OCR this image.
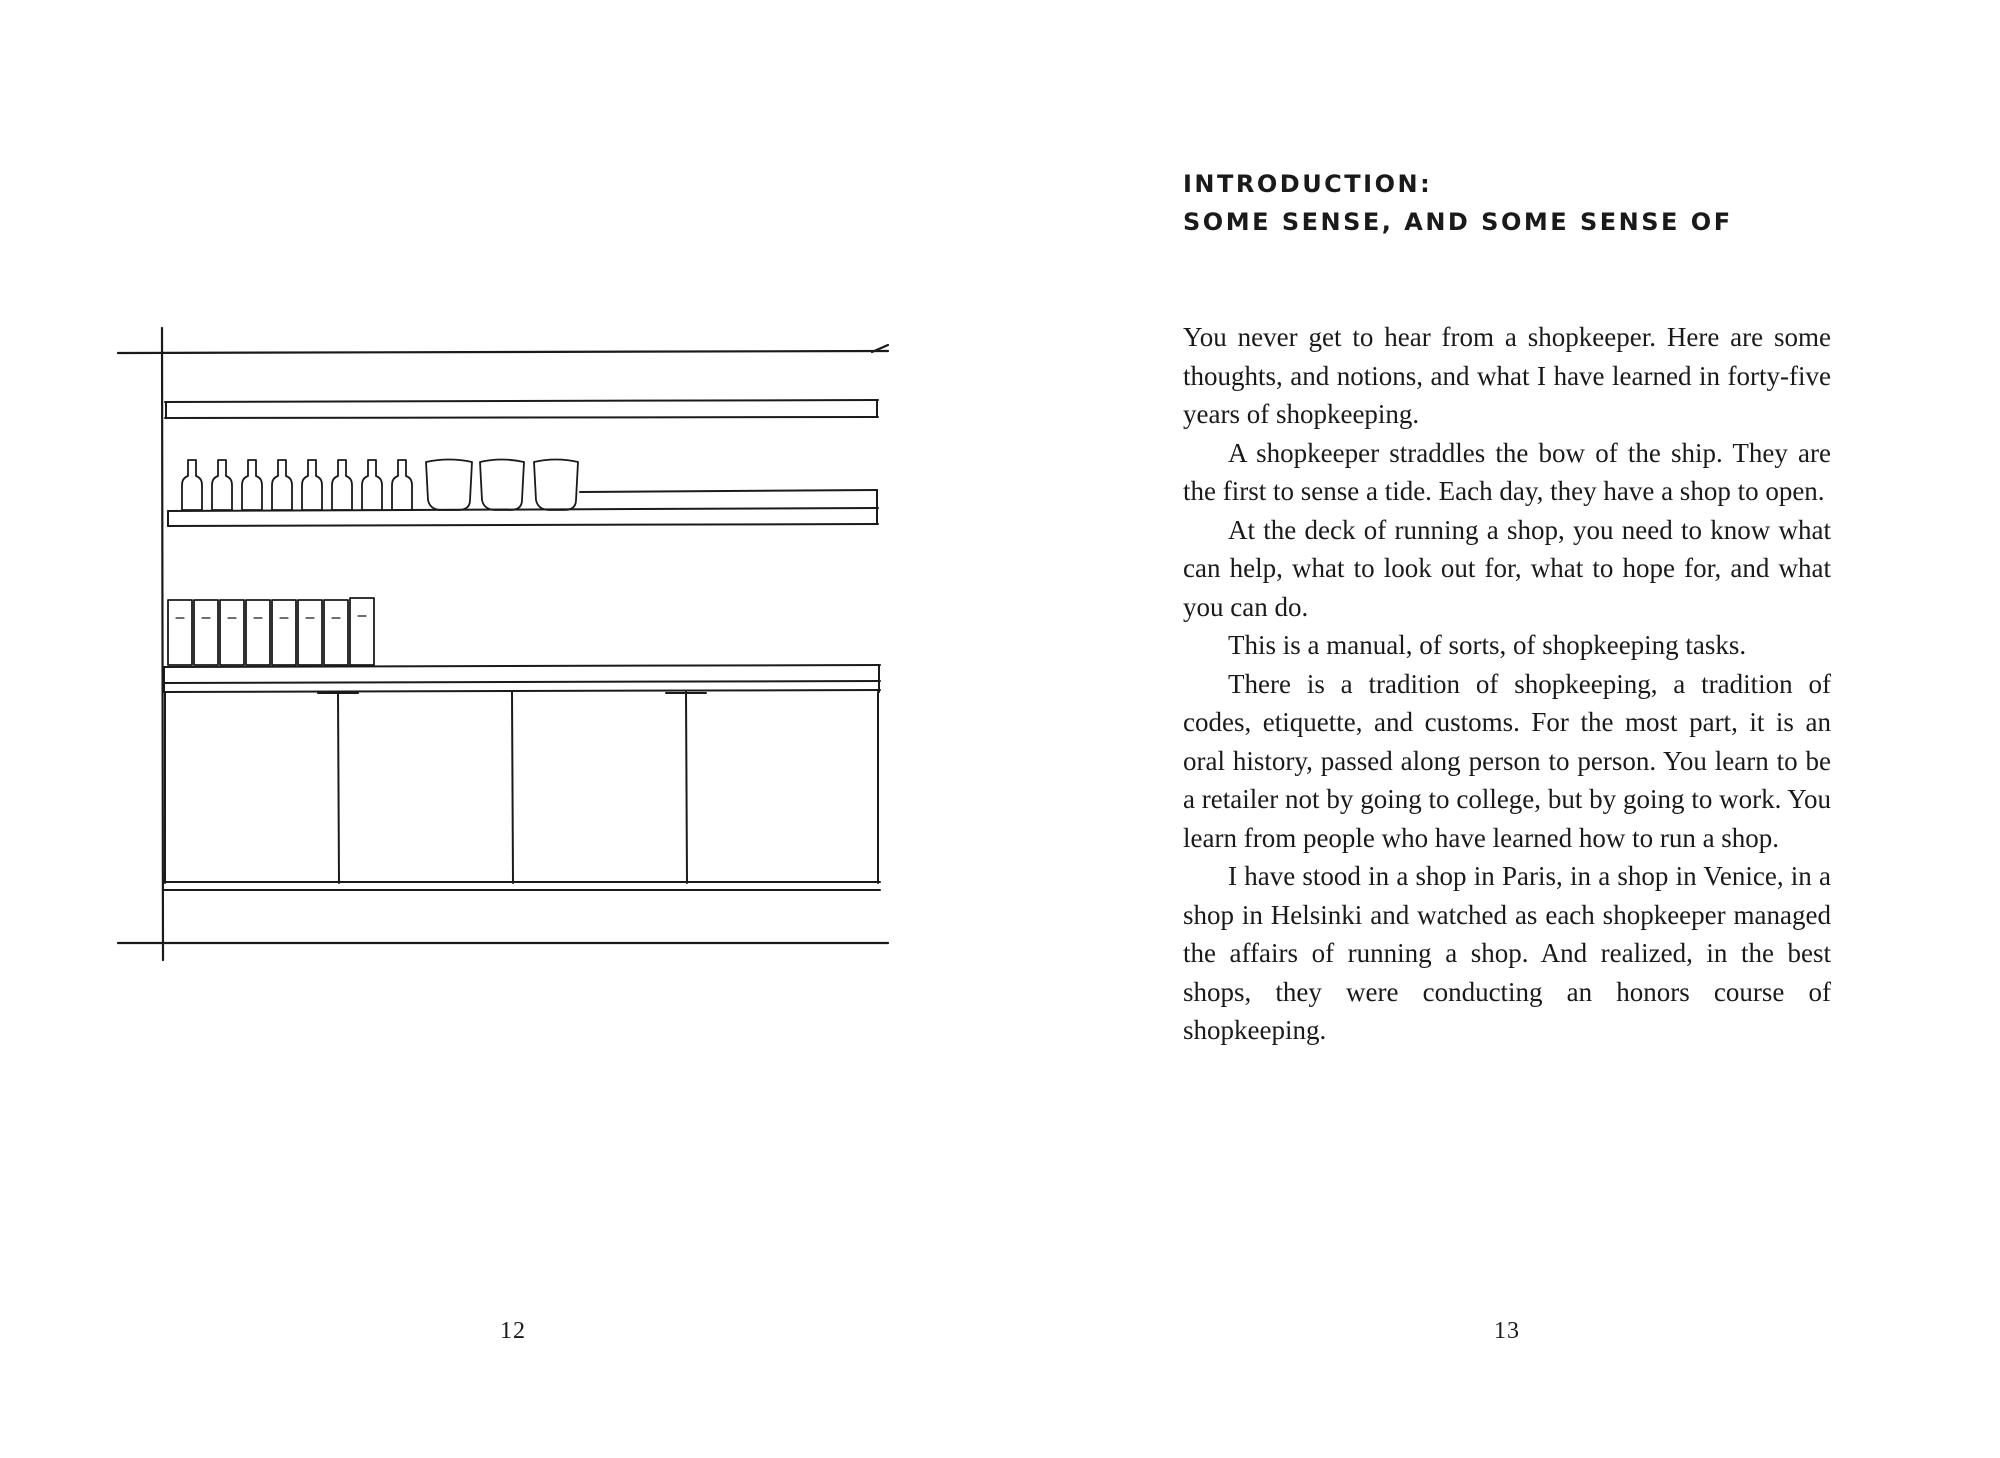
12
INTRODUCTION:
SOME SENSE, AND SOME SENSE OF

You never get to hear from a shopkeeper. Here are some thoughts, and notions, and what I have learned in forty-five years of shopkeeping.

A shopkeeper straddles the bow of the ship. They are the first to sense a tide. Each day, they have a shop to open.

At the deck of running a shop, you need to know what can help, what to look out for, what to hope for, and what you can do.

This is a manual, of sorts, of shopkeeping tasks.

There is a tradition of shopkeeping, a tradition of codes, etiquette, and customs. For the most part, it is an oral history, passed along person to person. You learn to be a retailer not by going to college, but by going to work. You learn from people who have learned how to run a shop.

I have stood in a shop in Paris, in a shop in Venice, in a shop in Helsinki and watched as each shopkeeper managed the affairs of running a shop. And realized, in the best shops, they were conducting an honors course of shopkeeping.

13
